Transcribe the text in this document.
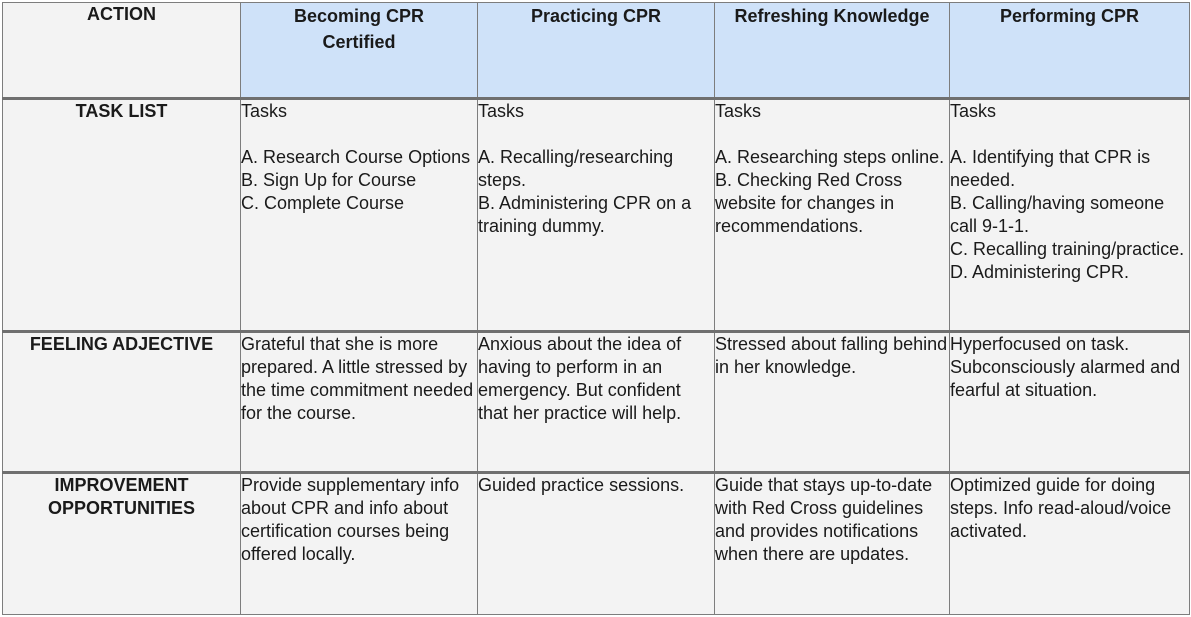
ACTION	Becoming CPR Certified	Practicing CPR	Refreshing Knowledge	Performing CPR
TASK LIST	Tasks
A. Research Course Options
B. Sign Up for Course
C. Complete Course	Tasks
A. Recalling/researching steps.
B. Administering CPR on a training dummy.	Tasks
A. Researching steps online.
B. Checking Red Cross website for changes in recommendations.	Tasks
A. Identifying that CPR is needed.
B. Calling/having someone call 9-1-1.
C. Recalling training/practice.
D. Administering CPR.

FEELING ADJECTIVE	Grateful that she is more prepared. A little stressed by the time commitment needed for the course.	Anxious about the idea of having to perform in an emergency. But confident that her practice will help.	Stressed about falling behind in her knowledge.	Hyperfocused on task. Subconsciously alarmed and fearful at situation.

IMPROVEMENT OPPORTUNITIES	Provide supplementary info about CPR and info about certification courses being offered locally.	Guided practice sessions.	Guide that stays up-to-date with Red Cross guidelines and provides notifications when there are updates.	Optimized guide for doing steps. Info read-aloud/voice activated.
